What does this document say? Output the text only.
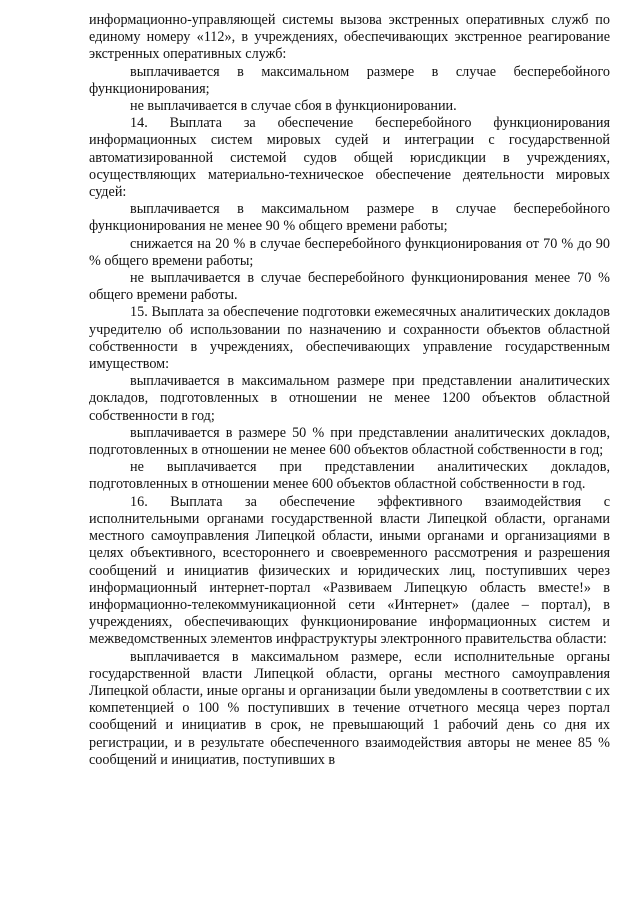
информационно-управляющей системы вызова экстренных оперативных служб по единому номеру «112», в учреждениях, обеспечивающих экстренное реагирование экстренных оперативных служб:

выплачивается в максимальном размере в случае бесперебойного функционирования;

не выплачивается в случае сбоя в функционировании.

14. Выплата за обеспечение бесперебойного функционирования информационных систем мировых судей и интеграции с государственной автоматизированной системой судов общей юрисдикции в учреждениях, осуществляющих материально-техническое обеспечение деятельности мировых судей:

выплачивается в максимальном размере в случае бесперебойного функционирования не менее 90 % общего времени работы;

снижается на 20 % в случае бесперебойного функционирования от 70 % до 90 % общего времени работы;

не выплачивается в случае бесперебойного функционирования менее 70 % общего времени работы.

15. Выплата за обеспечение подготовки ежемесячных аналитических докладов учредителю об использовании по назначению и сохранности объектов областной собственности в учреждениях, обеспечивающих управление государственным имуществом:

выплачивается в максимальном размере при представлении аналитических докладов, подготовленных в отношении не менее 1200 объектов областной собственности в год;

выплачивается в размере 50 % при представлении аналитических докладов, подготовленных в отношении не менее 600 объектов областной собственности в год;

не выплачивается при представлении аналитических докладов, подготовленных в отношении менее 600 объектов областной собственности в год.

16. Выплата за обеспечение эффективного взаимодействия с исполнительными органами государственной власти Липецкой области, органами местного самоуправления Липецкой области, иными органами и организациями в целях объективного, всестороннего и своевременного рассмотрения и разрешения сообщений и инициатив физических и юридических лиц, поступивших через информационный интернет-портал «Развиваем Липецкую область вместе!» в информационно-телекоммуникационной сети «Интернет» (далее – портал), в учреждениях, обеспечивающих функционирование информационных систем и межведомственных элементов инфраструктуры электронного правительства области:

выплачивается в максимальном размере, если исполнительные органы государственной власти Липецкой области, органы местного самоуправления Липецкой области, иные органы и организации были уведомлены в соответствии с их компетенцией о 100 % поступивших в течение отчетного месяца через портал сообщений и инициатив в срок, не превышающий 1 рабочий день со дня их регистрации, и в результате обеспеченного взаимодействия авторы не менее 85 % сообщений и инициатив, поступивших в
